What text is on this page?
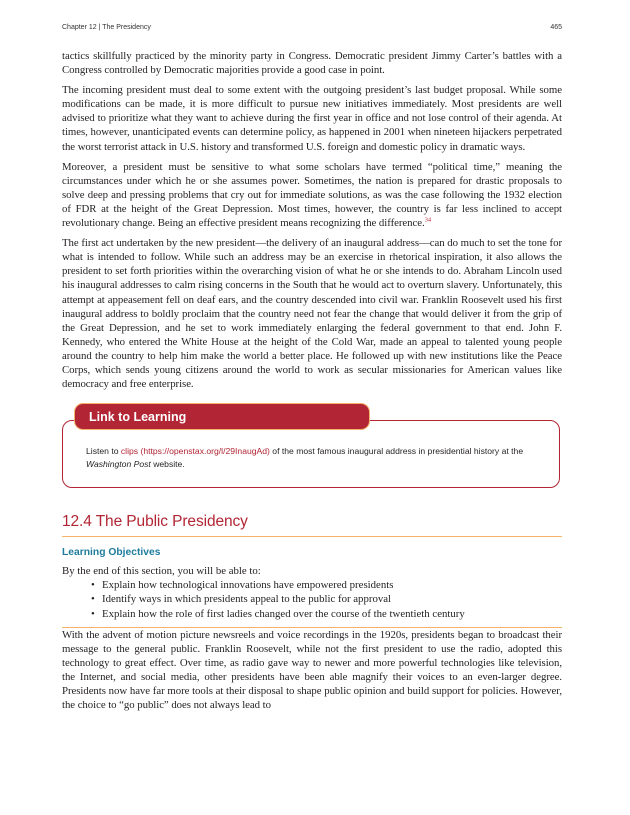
Chapter 12 | The Presidency	465

tactics skillfully practiced by the minority party in Congress. Democratic president Jimmy Carter’s battles with a Congress controlled by Democratic majorities provide a good case in point.

The incoming president must deal to some extent with the outgoing president’s last budget proposal. While some modifications can be made, it is more difficult to pursue new initiatives immediately. Most presidents are well advised to prioritize what they want to achieve during the first year in office and not lose control of their agenda. At times, however, unanticipated events can determine policy, as happened in 2001 when nineteen hijackers perpetrated the worst terrorist attack in U.S. history and transformed U.S. foreign and domestic policy in dramatic ways.

Moreover, a president must be sensitive to what some scholars have termed “political time,” meaning the circumstances under which he or she assumes power. Sometimes, the nation is prepared for drastic proposals to solve deep and pressing problems that cry out for immediate solutions, as was the case following the 1932 election of FDR at the height of the Great Depression. Most times, however, the country is far less inclined to accept revolutionary change. Being an effective president means recognizing the difference.$^{34}$

The first act undertaken by the new president—the delivery of an inaugural address—can do much to set the tone for what is intended to follow. While such an address may be an exercise in rhetorical inspiration, it also allows the president to set forth priorities within the overarching vision of what he or she intends to do. Abraham Lincoln used his inaugural addresses to calm rising concerns in the South that he would act to overturn slavery. Unfortunately, this attempt at appeasement fell on deaf ears, and the country descended into civil war. Franklin Roosevelt used his first inaugural address to boldly proclaim that the country need not fear the change that would deliver it from the grip of the Great Depression, and he set to work immediately enlarging the federal government to that end. John F. Kennedy, who entered the White House at the height of the Cold War, made an appeal to talented young people around the country to help him make the world a better place. He followed up with new institutions like the Peace Corps, which sends young citizens around the world to work as secular missionaries for American values like democracy and free enterprise.

Link to Learning
Listen to clips (https://openstax.org/l/29InaugAd) of the most famous inaugural address in presidential history at the Washington Post website.
12.4 The Public Presidency
Learning Objectives

By the end of this section, you will be able to:

• Explain how technological innovations have empowered presidents
• Identify ways in which presidents appeal to the public for approval
• Explain how the role of first ladies changed over the course of the twentieth century

With the advent of motion picture newsreels and voice recordings in the 1920s, presidents began to broadcast their message to the general public. Franklin Roosevelt, while not the first president to use the radio, adopted this technology to great effect. Over time, as radio gave way to newer and more powerful technologies like television, the Internet, and social media, other presidents have been able magnify their voices to an even-larger degree. Presidents now have far more tools at their disposal to shape public opinion and build support for policies. However, the choice to “go public” does not always lead to
